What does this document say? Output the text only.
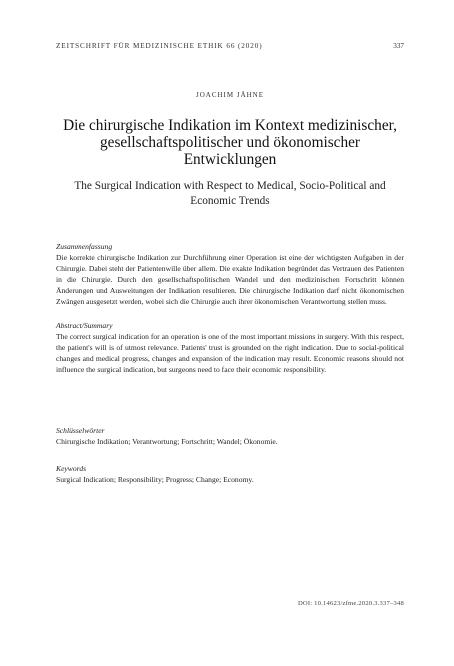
ZEITSCHRIFT FÜR MEDIZINISCHE ETHIK 66 (2020)	337
JOACHIM JÄHNE
Die chirurgische Indikation im Kontext medizinischer, gesellschaftspolitischer und ökonomischer Entwicklungen
The Surgical Indication with Respect to Medical, Socio-Political and Economic Trends
Zusammenfassung
Die korrekte chirurgische Indikation zur Durchführung einer Operation ist eine der wichtigsten Aufgaben in der Chirurgie. Dabei steht der Patientenwille über allem. Die exakte Indikation begründet das Vertrauen des Patienten in die Chirurgie. Durch den gesellschaftspolitischen Wandel und den medizinischen Fortschritt können Änderungen und Ausweitungen der Indikation resultieren. Die chirurgische Indikation darf nicht ökonomischen Zwängen ausgesetzt werden, wobei sich die Chirurgie auch ihrer ökonomischen Verantwortung stellen muss.
Abstract/Summary
The correct surgical indication for an operation is one of the most important missions in surgery. With this respect, the patient's will is of utmost relevance. Patients' trust is grounded on the right indication. Due to social-political changes and medical progress, changes and expansion of the indication may result. Economic reasons should not influence the surgical indication, but surgeons need to face their economic responsibility.
Schlüsselwörter
Chirurgische Indikation; Verantwortung; Fortschritt; Wandel; Ökonomie.
Keywords
Surgical Indication; Responsibility; Progress; Change; Economy.
DOI: 10.14623/zfme.2020.3.337–348
